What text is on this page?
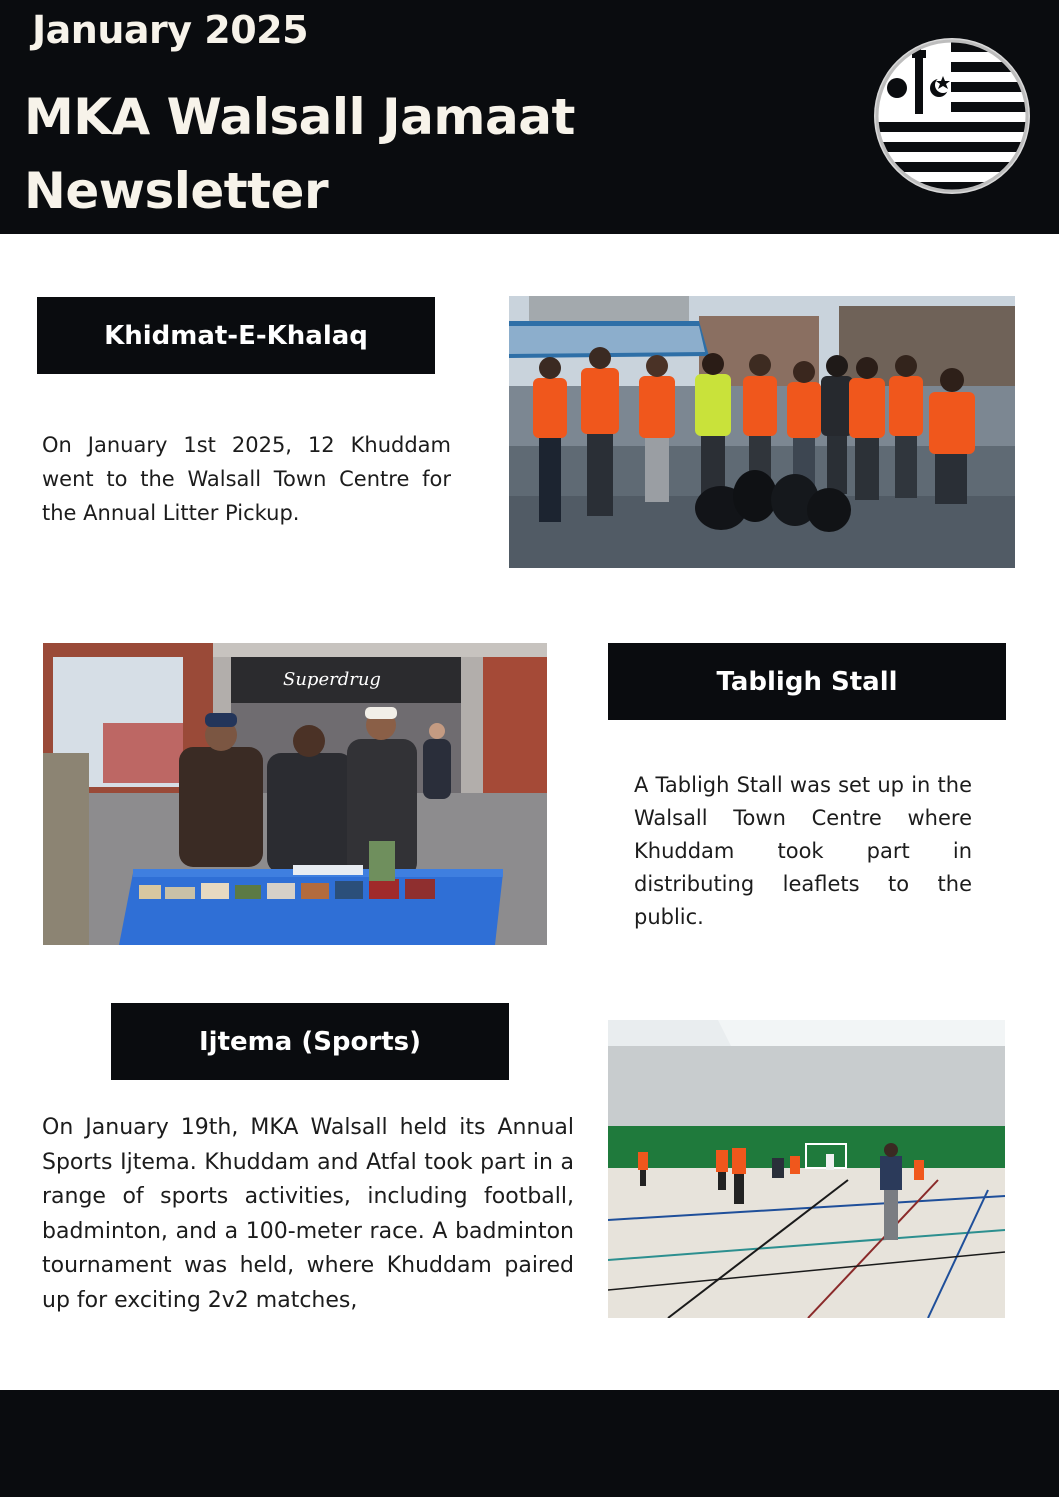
January 2025
MKA Walsall Jamaat Newsletter
Khidmat-E-Khalaq

On January 1st 2025, 12 Khuddam went to the Walsall Town Centre for the Annual Litter Pickup.

Superdrug	Tabligh Stall

A Tabligh Stall was set up in the Walsall Town Centre where Khuddam took part in distributing leaflets to the public.

Ijtema (Sports)

On January 19th, MKA Walsall held its Annual Sports Ijtema. Khuddam and Atfal took part in a range of sports activities, including football, badminton, and a 100-meter race. A badminton tournament was held, where Khuddam paired up for exciting 2v2 matches,
